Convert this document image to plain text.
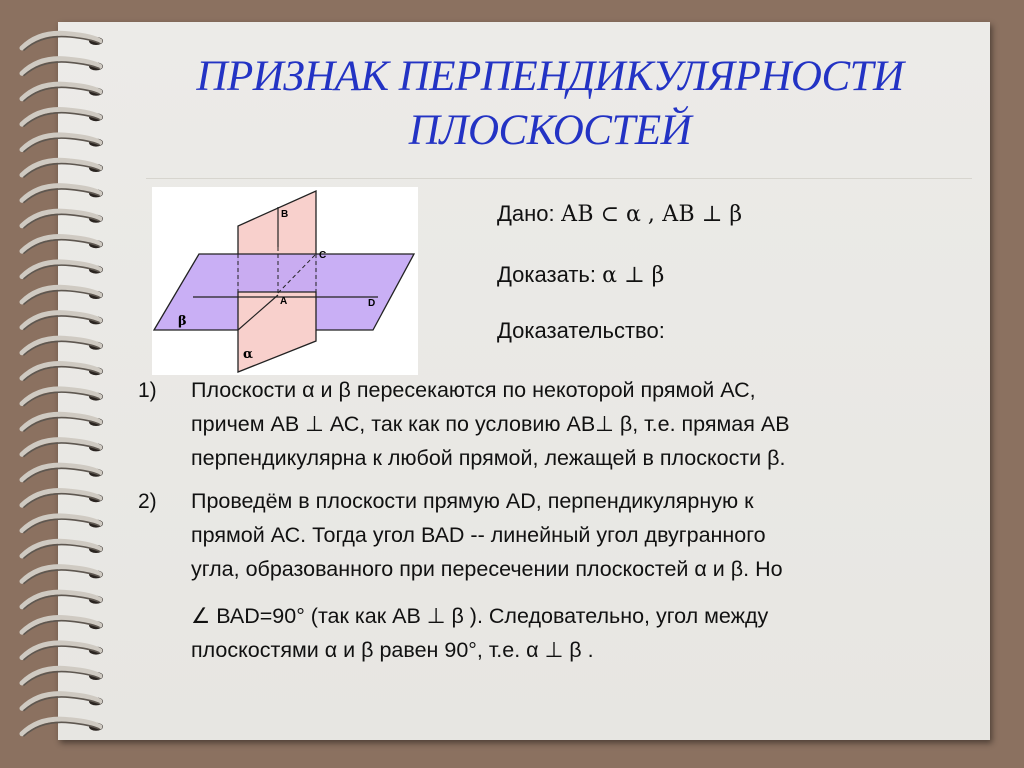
ПРИЗНАК ПЕРПЕНДИКУЛЯРНОСТИ
ПЛОСКОСТЕЙ
B
C
A	D
β
α
Дано: АВ ⊂ α , АВ ⊥ β
Доказать: α ⊥ β
Доказательство:
1) Плоскости α и β пересекаются по некоторой прямой АС,
причем АВ ⊥ АС, так как по условию АВ⊥ β, т.е. прямая АВ
перпендикулярна к любой прямой, лежащей в плоскости β.
2) Проведём в плоскости прямую АD, перпендикулярную к
прямой АС. Тогда угол ВАD -- линейный угол двугранного
угла, образованного при пересечении плоскостей α и β. Но
∠ ВАD=90° (так как АВ ⊥ β ). Следовательно, угол между
плоскостями α и β равен 90°, т.е. α ⊥ β .
